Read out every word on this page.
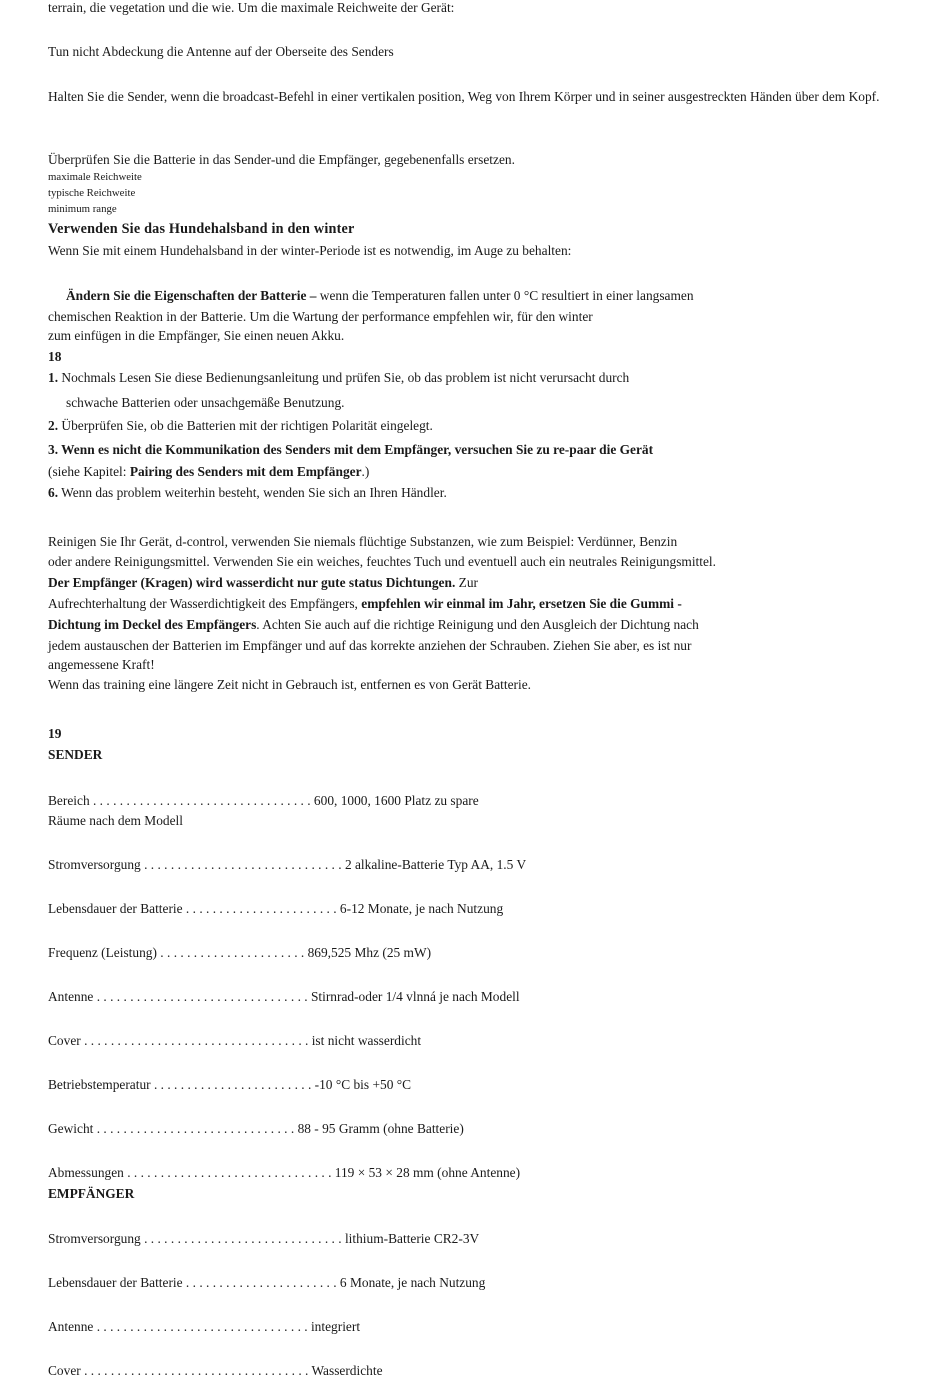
terrain, die vegetation und die wie. Um die maximale Reichweite der Gerät:
Tun nicht Abdeckung die Antenne auf der Oberseite des Senders
Halten Sie die Sender, wenn die broadcast-Befehl in einer vertikalen position, Weg von Ihrem Körper und in seiner ausgestreckten Händen über dem Kopf.
Überprüfen Sie die Batterie in das Sender-und die Empfänger, gegebenenfalls ersetzen.
maximale Reichweite
typische Reichweite
minimum range
Verwenden Sie das Hundehalsband in den winter
Wenn Sie mit einem Hundehalsband in der winter-Periode ist es notwendig, im Auge zu behalten:
Ändern Sie die Eigenschaften der Batterie – wenn die Temperaturen fallen unter 0 °C resultiert in einer langsamen
chemischen Reaktion in der Batterie. Um die Wartung der performance empfehlen wir, für den winter
zum einfügen in die Empfänger, Sie einen neuen Akku.
18
1. Nochmals Lesen Sie diese Bedienungsanleitung und prüfen Sie, ob das problem ist nicht verursacht durch
schwache Batterien oder unsachgemäße Benutzung.
2. Überprüfen Sie, ob die Batterien mit der richtigen Polarität eingelegt.
3. Wenn es nicht die Kommunikation des Senders mit dem Empfänger, versuchen Sie zu re-paar die Gerät
(siehe Kapitel: Pairing des Senders mit dem Empfänger.)
6. Wenn das problem weiterhin besteht, wenden Sie sich an Ihren Händler.
Reinigen Sie Ihr Gerät, d-control, verwenden Sie niemals flüchtige Substanzen, wie zum Beispiel: Verdünner, Benzin
oder andere Reinigungsmittel. Verwenden Sie ein weiches, feuchtes Tuch und eventuell auch ein neutrales Reinigungsmittel.
Der Empfänger (Kragen) wird wasserdicht nur gute status Dichtungen. Zur
Aufrechterhaltung der Wasserdichtigkeit des Empfängers, empfehlen wir einmal im Jahr, ersetzen Sie die Gummi -
Dichtung im Deckel des Empfängers. Achten Sie auch auf die richtige Reinigung und den Ausgleich der Dichtung nach
jedem austauschen der Batterien im Empfänger und auf das korrekte anziehen der Schrauben. Ziehen Sie aber, es ist nur
angemessene Kraft!
Wenn das training eine längere Zeit nicht in Gebrauch ist, entfernen es von Gerät Batterie.
19
SENDER
Bereich . . . . . . . . . . . . . . . . . . . . . . . . . . . . . . . . . 600, 1000, 1600 Platz zu spare
Räume nach dem Modell
Stromversorgung . . . . . . . . . . . . . . . . . . . . . . . . . . . . . . 2 alkaline-Batterie Typ AA, 1.5 V
Lebensdauer der Batterie . . . . . . . . . . . . . . . . . . . . . . . 6-12 Monate, je nach Nutzung
Frequenz (Leistung) . . . . . . . . . . . . . . . . . . . . . . 869,525 Mhz (25 mW)
Antenne . . . . . . . . . . . . . . . . . . . . . . . . . . . . . . . . Stirnrad-oder 1/4 vlnná je nach Modell
Cover . . . . . . . . . . . . . . . . . . . . . . . . . . . . . . . . . . ist nicht wasserdicht
Betriebstemperatur . . . . . . . . . . . . . . . . . . . . . . . . -10 °C bis +50 °C
Gewicht . . . . . . . . . . . . . . . . . . . . . . . . . . . . . . 88 - 95 Gramm (ohne Batterie)
Abmessungen . . . . . . . . . . . . . . . . . . . . . . . . . . . . . . . 119 × 53 × 28 mm (ohne Antenne)
EMPFÄNGER
Stromversorgung . . . . . . . . . . . . . . . . . . . . . . . . . . . . . . lithium-Batterie CR2-3V
Lebensdauer der Batterie . . . . . . . . . . . . . . . . . . . . . . . 6 Monate, je nach Nutzung
Antenne . . . . . . . . . . . . . . . . . . . . . . . . . . . . . . . . integriert
Cover . . . . . . . . . . . . . . . . . . . . . . . . . . . . . . . . . . Wasserdichte
